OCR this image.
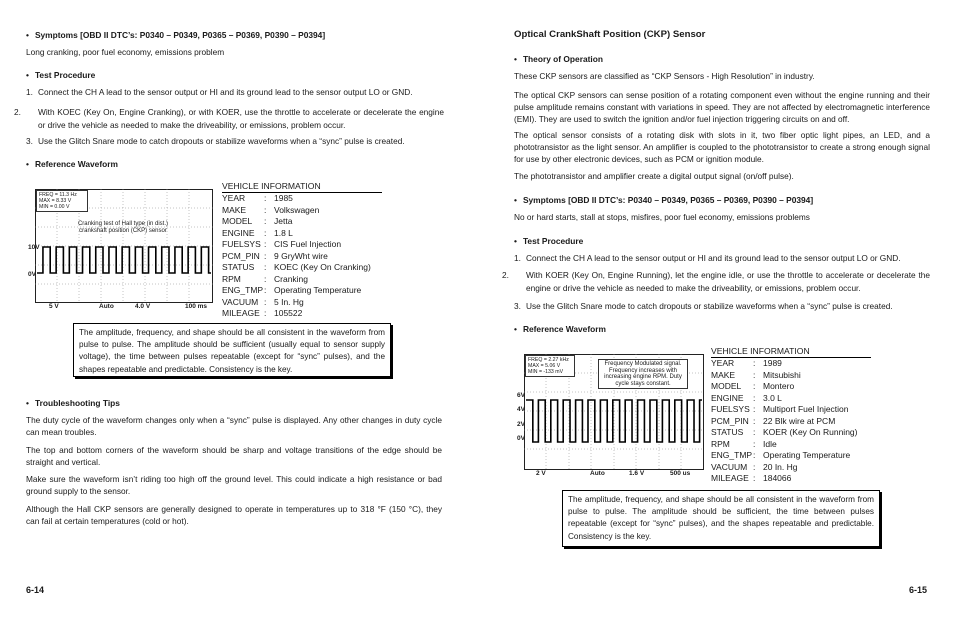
• Symptoms [OBD II DTC’s: P0340 – P0349, P0365 – P0369, P0390 – P0394]
Long cranking, poor fuel economy, emissions problem
• Test Procedure
1. Connect the CH A lead to the sensor output or HI and its ground lead to the sensor output LO or GND.
2. With KOEC (Key On, Engine Cranking), or with KOER, use the throttle to accelerate or decelerate the engine or drive the vehicle as needed to make the driveability, or emissions, problem occur.
3. Use the Glitch Snare mode to catch dropouts or stabilize waveforms when a “sync” pulse is created.
• Reference Waveform
FREQ = 11.3 Hz
MAX = 8.33 V
MIN = 0.00 V
Cranking test of Hall type (in dist.) crankshaft position (CKP) sensor
10V
0V
5 V	Auto	4.0 V	100 ms
VEHICLE INFORMATION
YEAR : 1985
MAKE : Volkswagen
MODEL : Jetta
ENGINE : 1.8 L
FUELSYS : CIS Fuel Injection
PCM_PIN : 9 GryWht wire
STATUS : KOEC (Key On Cranking)
RPM	: Cranking
ENG_TMP: Operating Temperature
VACUUM : 5 In. Hg
MILEAGE : 105522
The amplitude, frequency, and shape should be all consistent in the waveform from pulse to pulse. The amplitude should be sufficient (usually equal to sensor supply voltage), the time between pulses repeatable (except for “sync” pulses), and the shapes repeatable and predictable. Consistency is the key.
• Troubleshooting Tips
The duty cycle of the waveform changes only when a “sync” pulse is displayed. Any other changes in duty cycle can mean troubles.
The top and bottom corners of the waveform should be sharp and voltage transitions of the edge should be straight and vertical.
Make sure the waveform isn’t riding too high off the ground level. This could indicate a high resistance or bad ground supply to the sensor.
Although the Hall CKP sensors are generally designed to operate in temperatures up to 318 °F (150 °C), they can fail at certain temperatures (cold or hot).
6-14
Optical CrankShaft Position (CKP) Sensor
• Theory of Operation
These CKP sensors are classified as “CKP Sensors - High Resolution” in industry.
The optical CKP sensors can sense position of a rotating component even without the engine running and their pulse amplitude remains constant with variations in speed. They are not affected by electromagnetic interference (EMI). They are used to switch the ignition and/or fuel injection triggering circuits on and off.
The optical sensor consists of a rotating disk with slots in it, two fiber optic light pipes, an LED, and a phototransistor as the light sensor. An amplifier is coupled to the phototransistor to create a strong enough signal for use by other electronic devices, such as PCM or ignition module.
The phototransistor and amplifier create a digital output signal (on/off pulse).
• Symptoms [OBD II DTC’s: P0340 – P0349, P0365 – P0369, P0390 – P0394]
No or hard starts, stall at stops, misfires, poor fuel economy, emissions problems
• Test Procedure
1. Connect the CH A lead to the sensor output or HI and its ground lead to the sensor output LO or GND.
2. With KOER (Key On, Engine Running), let the engine idle, or use the throttle to accelerate or decelerate the engine or drive the vehicle as needed to make the driveability, or emissions, problem occur.
3. Use the Glitch Snare mode to catch dropouts or stabilize waveforms when a “sync” pulse is created.
• Reference Waveform
FREQ = 2.27 kHz
MAX = 5.06 V
MIN = -133 mV
Frequency Modulated signal. Frequency increases with increasing engine RPM. Duty cycle stays constant.
6V
4V
2V
0V
2 V	Auto	1.6 V	500 us
VEHICLE INFORMATION
YEAR : 1989
MAKE : Mitsubishi
MODEL : Montero
ENGINE : 3.0 L
FUELSYS : Multiport Fuel Injection
PCM_PIN : 22 Blk wire at PCM
STATUS : KOER (Key On Running)
RPM	: Idle
ENG_TMP: Operating Temperature
VACUUM : 20 In. Hg
MILEAGE : 184066
The amplitude, frequency, and shape should be all consistent in the waveform from pulse to pulse. The amplitude should be sufficient, the time between pulses repeatable (except for “sync” pulses), and the shapes repeatable and predictable. Consistency is the key.
6-15
